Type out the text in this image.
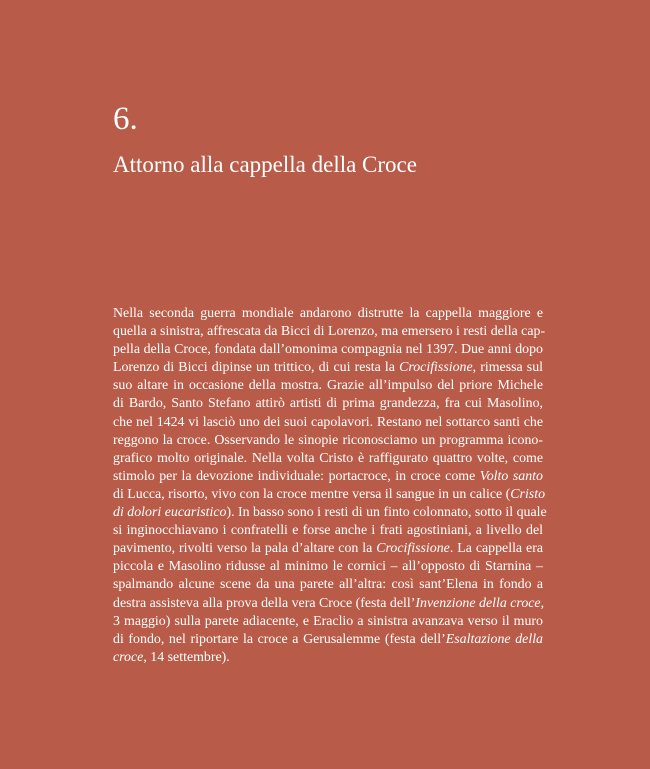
6.
Attorno alla cappella della Croce
Nella seconda guerra mondiale andarono distrutte la cappella maggiore e
quella a sinistra, affrescata da Bicci di Lorenzo, ma emersero i resti della cap-
pella della Croce, fondata dall’omonima compagnia nel 1397. Due anni dopo
Lorenzo di Bicci dipinse un trittico, di cui resta la Crocifissione, rimessa sul
suo altare in occasione della mostra. Grazie all’impulso del priore Michele
di Bardo, Santo Stefano attirò artisti di prima grandezza, fra cui Masolino,
che nel 1424 vi lasciò uno dei suoi capolavori. Restano nel sottarco santi che
reggono la croce. Osservando le sinopie riconosciamo un programma icono-
grafico molto originale. Nella volta Cristo è raffigurato quattro volte, come
stimolo per la devozione individuale: portacroce, in croce come Volto santo
di Lucca, risorto, vivo con la croce mentre versa il sangue in un calice (Cristo
di dolori eucaristico). In basso sono i resti di un finto colonnato, sotto il quale
si inginocchiavano i confratelli e forse anche i frati agostiniani, a livello del
pavimento, rivolti verso la pala d’altare con la Crocifissione. La cappella era
piccola e Masolino ridusse al minimo le cornici – all’opposto di Starnina –
spalmando alcune scene da una parete all’altra: così sant’Elena in fondo a
destra assisteva alla prova della vera Croce (festa dell’Invenzione della croce,
3 maggio) sulla parete adiacente, e Eraclio a sinistra avanzava verso il muro
di fondo, nel riportare la croce a Gerusalemme (festa dell’Esaltazione della
croce, 14 settembre).
